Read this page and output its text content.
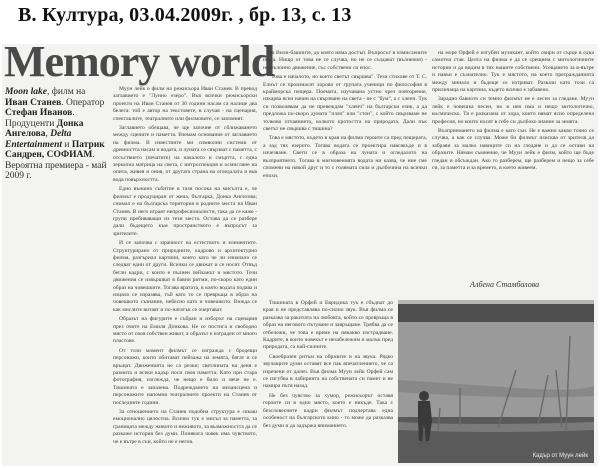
В. Култура, 03.04.2009г. , бр. 13, с. 13
Memory world
Moon lake, филм на Иван Станев. Оператор Стефан Иванов. Продуценти Донка Ангелова, Delta Entertainment и Патрик Сандрен, СОФИАМ. Вероятна премиера - май 2009 г.

Муун лейк е филм на режисьора Иван Станев. В превод заглавието е "Лунно езеро". Във всички режисьорски проекти на Иван Станев от 30 години насам са налице два белега: той е автор на текстовете, в случая - на сценария, спектаклите, театралните или филмовите, се запомнят.

Заглавието обещава, че ще започне от сближаването между сцените и паметта. Вземам основание от заглавието на филма. В известните ми символни системи от древността насам и водата, и луната се свързват с паметта, с отсъствието (печатите) на началото и смъртта, с една зеркална матрица на света, с интроспекция и осмисляне на опита, живея и ония, от другата страна на огледалата и във вода повърхността.

Едно външно събитие в тази посока на мисълта е, че филмът е продуциран от жена, българка, Донка Ангелова; снимал е на българска територия в родните места на Иван Станев. В него играят непрофесионалисти, така да се каже - групи пребиваващи из тези места. Остава да се разбере дали бъдещето към пространството е въпросът за зрителите.

И се започва с мрачност на естеството и елементите. Структурирано от природните, кадрово и архитектурно филма, разгърнал картини, които като че ли изначало се следват едни от други. Всички се движат и се носят. Отвъд бегли кадри, с които е пълнен пейзажът и мястото. Тези движения се извършват в бавни ритми, по-скоро като един образ на човешките. Тогава вратата, в която водата подава и изцяло се изразява, тъй като то се превръща в образ на човешкото съзнание, небесно като и човешкото. Вижда се как мислите витаят и по-нататък се очертават.

Образът на фигурите е събран и изборът на сценария през очите на Емиля Донкова. Не се постига и свободно място от своя собствен живот, а образът е изграден от много пластове.

От този момент филмът се изгражда с бродещи персонажи, които обитават пейзажа на земята, бягат и се връщат. Движенията не са резки; светлината на деня е размита и всеки кадър носи своя паметта. Като при стара фотография, изглежда, че нещо е било и вече не е. Тишината е запазена. Подреждането на мизансцена и персонажите напомня театралните проекти на Станев от последните години.

За отношението на Станев подобна структура е сякаш емоционално цялостна. Всичко тук е мисъл за паметта, за границата между живото и неживото, за възможността да се разкаже история без думи. Понякога човек има чувството, че е вътре в сън, който не е негов.

на Вили-башиите, до която няма достъп. Въпросът в измислените неща. Нищо от това не се случва, но не се създават (вълнения) - неотклонно движение, със собствени си епос.

"Това е началото, но което светът свършва". Тези стихове от Т. С. Елиът се произнасят хорово от групата ученици по философия в крайморска пещера. Поемата, изучавана устно чрез повторение, изкарва ясен начин на свързване на света - не с "бум", а с хленч. Тук си позволявам да не превеждам "хленч" на български език, а да предложа по-скоро думата "плач" или "стон", с който свързваме не толкова отчаянието, колкото кротостта на природата. Дали пък светът не свършва с тишина?

Това е мястото, където в края на филма героите са пред пещерата, а зад тях езерото. Тогава водата се проектира навсякъде и в изчезване. Свети се в образа на луната и огледалото на възприятието. Тогава в мигновенията водата ни казва, че ние сме спомени на някой друг и то с голямата сила и дълбочина на всички епохи.

Тишината в Орфей и Евридика тук е сбъднат до края и не представлява по-силно звук. Във филма се разказва за ракитата на любовта, който се превръща в образ на неговото пътуване и завръщане. Трябва да се отбележи, че това е време на някакво изстрадване. Кадрите, в които човекът е незабележим и малък пред природата, са най-силните.

Своебразен ритъм на образите и на звука. Рядко звучащите думи оставят все пак впечатлението, че са изречени от далеч. Във филма Муун лейк Орфей сам се изгубва в лабиринта на собствената си памет и не намира пътя назад.

Не без чувство за хумор, режисьорът оставя героите си в едно място, което е никъде. Така с безсловесните кадри филмът подчертава една особеност на българското кино - то може да разказва без думи и да задържа вниманието.

на море Орфей е изгубен музикант, който свири от сърце в една самотна стая. Целта на филма е да се срещнем с митологичните истории и да видим в тях нашите собствени. Усещането за в-вътре и навън е съзнателно. Тук е мястото, на което прегражданията между минало и бъдеще се изтриват. Разкази като този са приличаща на картина, където всичко е забавено.

Зарадно бавното си темпо филмът не е лесен за гледане. Муун лейк е човешка песен, но в нея има и нещо митологично, космическо. Тя е разказана от хора, които нямат ясно определена професия, но които носят в себе си дълбоко знание за земята.

Възприемането на филма е като сън. Не е важно какво точно се случва, а как се случва. Може би филмът изисква от зрителя да забрави за малко навиците си на гледане и да се остави на образите. Нямам съмнение, че Муун лейк е филм, който ще бъде гледан и обсъждан. Ако го разберем, ще разберем и нещо за себе си, за паметта и за времето, в което живеем.

Албена Стамболова
Кадър от Муун лейк
